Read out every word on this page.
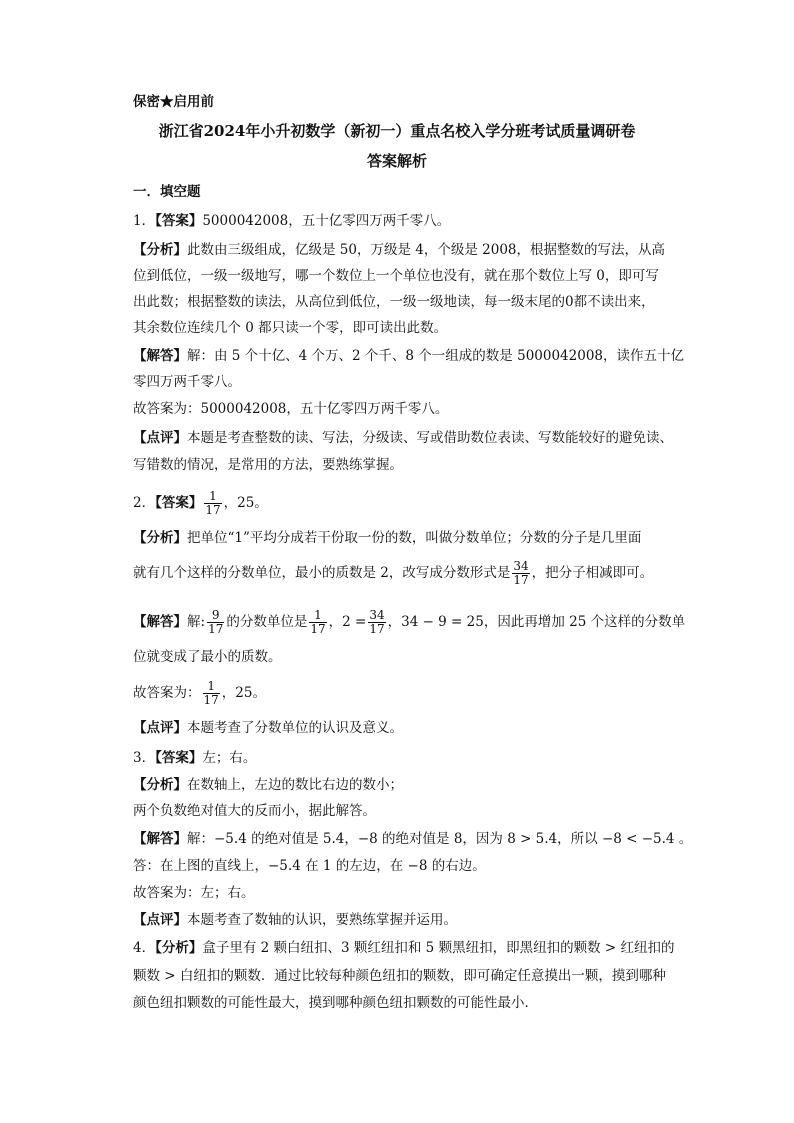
保密★启用前
浙江省2024年小升初数学（新初一）重点名校入学分班考试质量调研卷
答案解析
一．填空题
1．【答案】5000042008，五十亿零四万两千零八。
【分析】此数由三级组成，亿级是 50，万级是 4，个级是 2008，根据整数的写法，从高
位到低位，一级一级地写，哪一个数位上一个单位也没有，就在那个数位上写 0，即可写
出此数；根据整数的读法，从高位到低位，一级一级地读，每一级末尾的0都不读出来，
其余数位连续几个 0 都只读一个零，即可读出此数。
【解答】解：由 5 个十亿、4 个万、2 个千、8 个一组成的数是 5000042008，读作五十亿
零四万两千零八。
故答案为：5000042008，五十亿零四万两千零八。
【点评】本题是考查整数的读、写法，分级读、写或借助数位表读、写数能较好的避免读、
写错数的情况，是常用的方法，要熟练掌握。
2．【答案】 $\frac{1}{17}$ ，25。
【分析】把单位“1”平均分成若干份取一份的数，叫做分数单位；分数的分子是几里面
就有几个这样的分数单位，最小的质数是 2，改写成分数形式是 $\frac{34}{17}$ ，把分子相减即可。
【解答】解: $\frac{9}{17}$ 的分数单位是 $\frac{1}{17}$ ，$2 = \frac{34}{17}$ ，34 − 9 = 25，因此再增加 25 个这样的分数单
位就变成了最小的质数。
故答案为： $\frac{1}{17}$ ，25。
【点评】本题考查了分数单位的认识及意义。
3．【答案】左；右。
【分析】在数轴上，左边的数比右边的数小；
两个负数绝对值大的反而小，据此解答。
【解答】解：−5.4 的绝对值是 5.4，−8 的绝对值是 8，因为 8 > 5.4，所以 −8 < −5.4 。
答：在上图的直线上，−5.4 在 1 的左边，在 −8 的右边。
故答案为：左；右。
【点评】本题考查了数轴的认识，要熟练掌握并运用。
4．【分析】盒子里有 2 颗白纽扣、3 颗红纽扣和 5 颗黑纽扣，即黑纽扣的颗数 > 红纽扣的
颗数 > 白纽扣的颗数．通过比较每种颜色纽扣的颗数，即可确定任意摸出一颗，摸到哪种
颜色纽扣颗数的可能性最大，摸到哪种颜色纽扣颗数的可能性最小．
